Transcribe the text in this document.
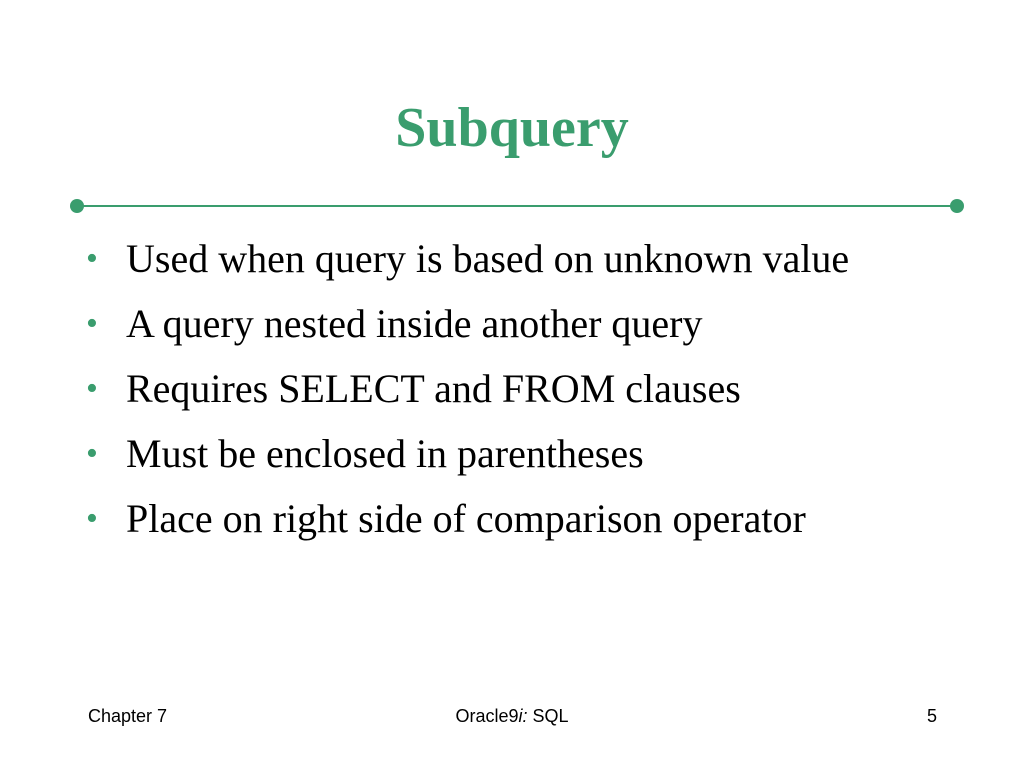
Subquery
• Used when query is based on unknown value
• A query nested inside another query
• Requires SELECT and FROM clauses
• Must be enclosed in parentheses
• Place on right side of comparison operator
Chapter 7	Oracle9i: SQL	5
